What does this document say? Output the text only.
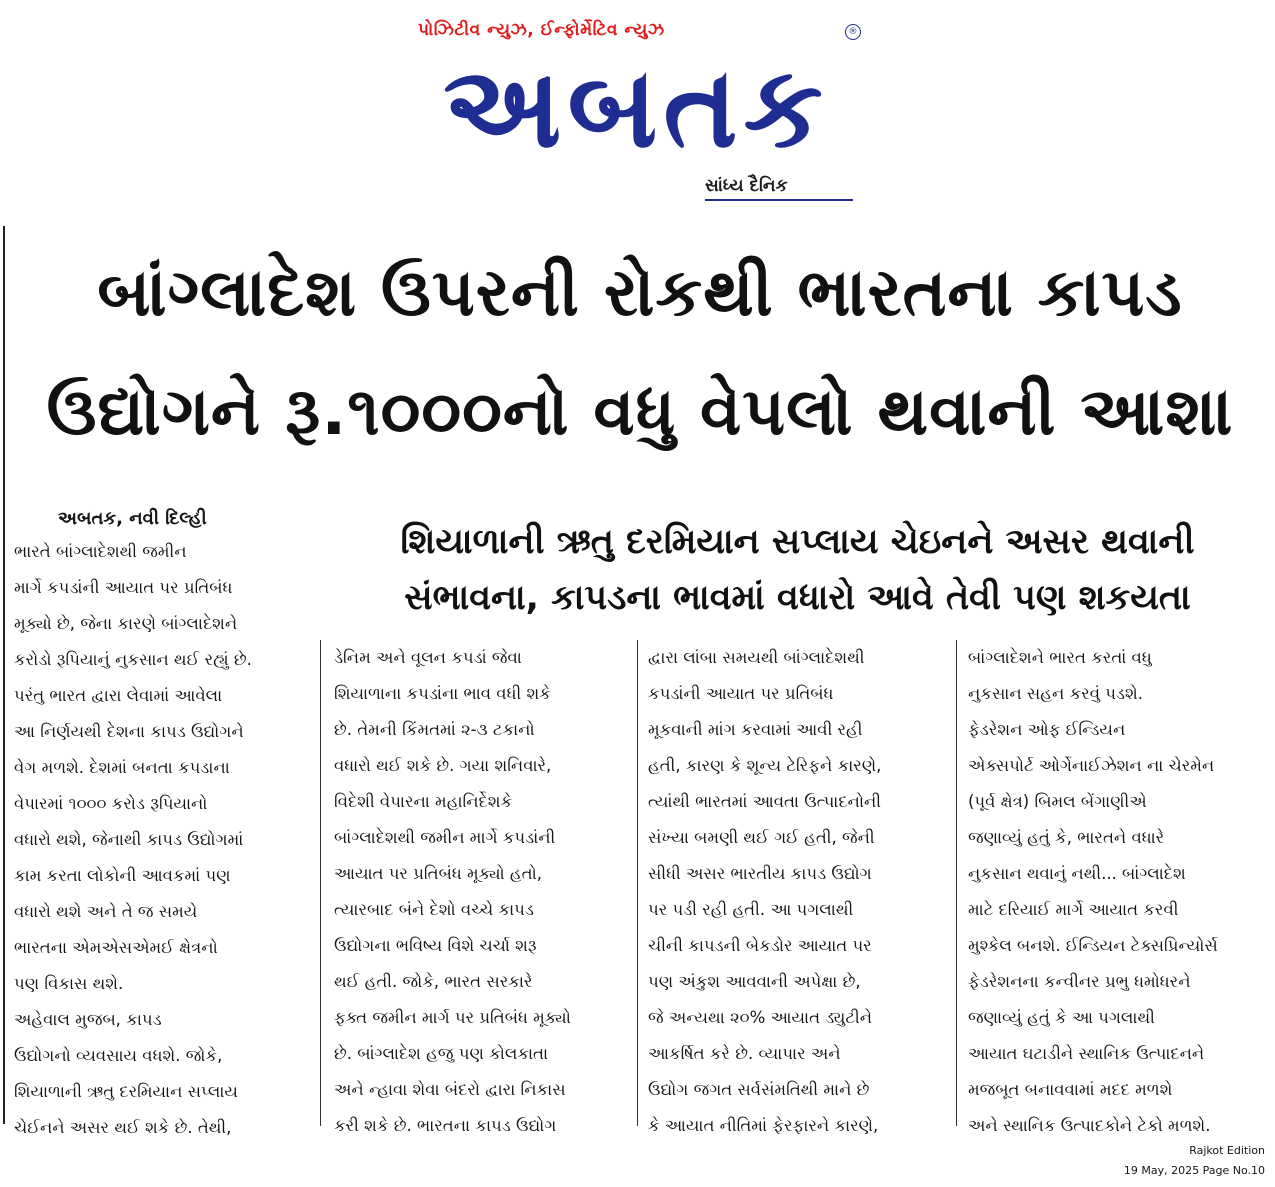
પોઝિટીવ ન્યુઝ, ઈન્ફોર્મેટિવ ન્યુઝ	®
અબતક
સાંધ્ય દૈનિક
બાંગ્લાદેશ ઉપરની રોકથી ભારતના કાપડ
ઉદ્યોગને રૂ.૧૦૦૦નો વધુ વેપલો થવાની આશા
શિયાળાની ઋતુ દરમિયાન સપ્લાય ચેઇનને અસર થવાની
સંભાવના, કાપડના ભાવમાં વધારો આવે તેવી પણ શકયતા
અબતક, નવી દિલ્હી
ભારતે બાંગ્લાદેશથી જમીન
માર્ગે કપડાંની આયાત પર પ્રતિબંધ
મૂક્યો છે, જેના કારણે બાંગ્લાદેશને
કરોડો રૂપિયાનું નુકસાન થઈ રહ્યું છે.
પરંતુ ભારત દ્વારા લેવામાં આવેલા
આ નિર્ણયથી દેશના કાપડ ઉદ્યોગને
વેગ મળશે. દેશમાં બનતા કપડાના
વેપારમાં ૧૦૦૦ કરોડ રૂપિયાનો
વધારો થશે, જેનાથી કાપડ ઉદ્યોગમાં
કામ કરતા લોકોની આવકમાં પણ
વધારો થશે અને તે જ સમયે
ભારતના એમએસએમઈ ક્ષેત્રનો
પણ વિકાસ થશે.
અહેવાલ મુજબ, કાપડ
ઉદ્યોગનો વ્યવસાય વધશે. જોકે,
શિયાળાની ઋતુ દરમિયાન સપ્લાય
ચેઈનને અસર થઈ શકે છે. તેથી,
ડેનિમ અને વૂલન કપડાં જેવા
શિયાળાના કપડાંના ભાવ વધી શકે
છે. તેમની કિંમતમાં ૨-૩ ટકાનો
વધારો થઈ શકે છે. ગયા શનિવારે,
વિદેશી વેપારના મહાનિર્દેશકે
બાંગ્લાદેશથી જમીન માર્ગે કપડાંની
આયાત પર પ્રતિબંધ મૂક્યો હતો,
ત્યારબાદ બંને દેશો વચ્ચે કાપડ
ઉદ્યોગના ભવિષ્ય વિશે ચર્ચા શરૂ
થઈ હતી. જોકે, ભારત સરકારે
ફક્ત જમીન માર્ગ પર પ્રતિબંધ મૂક્યો
છે. બાંગ્લાદેશ હજુ પણ કોલકાતા
અને ન્હાવા શેવા બંદરો દ્વારા નિકાસ
કરી શકે છે. ભારતના કાપડ ઉદ્યોગ
દ્વારા લાંબા સમયથી બાંગ્લાદેશથી
કપડાંની આયાત પર પ્રતિબંધ
મૂકવાની માંગ કરવામાં આવી રહી
હતી, કારણ કે શૂન્ય ટેરિફને કારણે,
ત્યાંથી ભારતમાં આવતા ઉત્પાદનોની
સંખ્યા બમણી થઈ ગઈ હતી, જેની
સીધી અસર ભારતીય કાપડ ઉદ્યોગ
પર પડી રહી હતી. આ પગલાથી
ચીની કાપડની બેકડોર આયાત પર
પણ અંકુશ આવવાની અપેક્ષા છે,
જે અન્યથા ૨૦% આયાત ડ્યુટીને
આકર્ષિત કરે છે. વ્યાપાર અને
ઉદ્યોગ જગત સર્વસંમતિથી માને છે
કે આયાત નીતિમાં ફેરફારને કારણે,
બાંગ્લાદેશને ભારત કરતાં વધુ
નુકસાન સહન કરવું પડશે.
ફેડરેશન ઓફ ઈન્ડિયન
એક્સપોર્ટ ઓર્ગેનાઈઝેશન ના ચેરમેન
(પૂર્વ ક્ષેત્ર) બિમલ બેંગાણીએ
જણાવ્યું હતું કે, ભારતને વધારે
નુકસાન થવાનું નથી... બાંગ્લાદેશ
માટે દરિયાઈ માર્ગે આયાત કરવી
મુશ્કેલ બનશે. ઈન્ડિયન ટેક્સપ્રિન્યોર્સ
ફેડરેશનના કન્વીનર પ્રભુ ધમોધરને
જણાવ્યું હતું કે આ પગલાથી
આયાત ઘટાડીને સ્થાનિક ઉત્પાદનને
મજબૂત બનાવવામાં મદદ મળશે
અને સ્થાનિક ઉત્પાદકોને ટેકો મળશે.
Rajkot Edition
19 May, 2025 Page No.10
